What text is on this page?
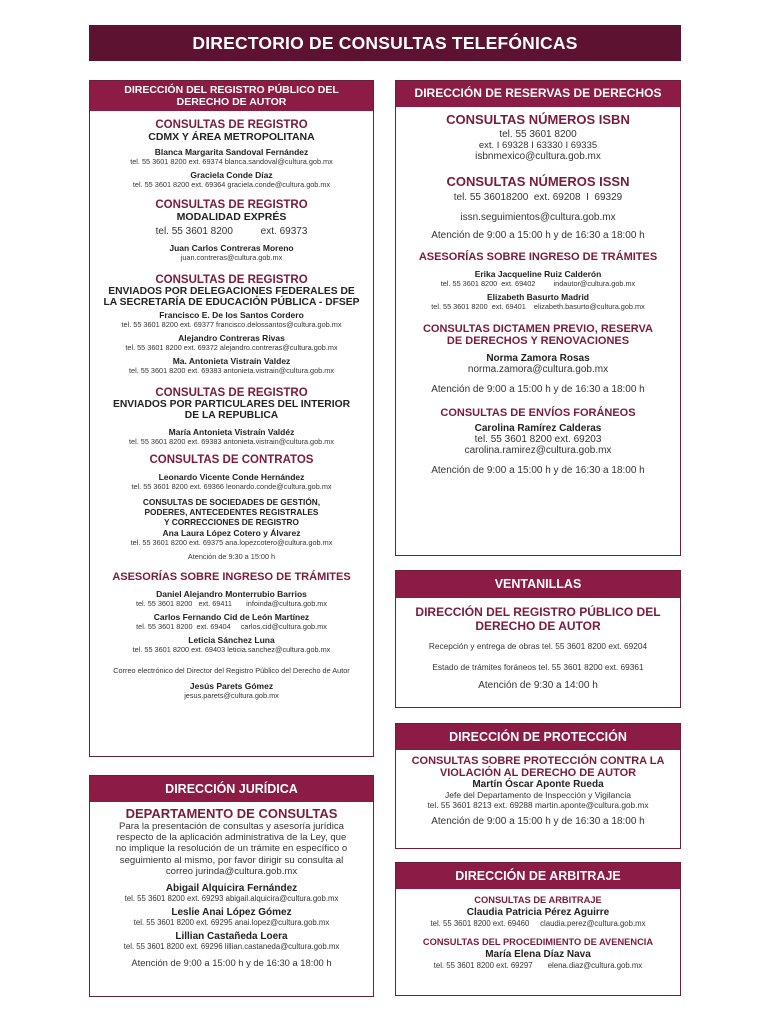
DIRECTORIO DE CONSULTAS TELEFÓNICAS
DIRECCIÓN DEL REGISTRO PÚBLICO DEL
DERECHO DE AUTOR
CONSULTAS DE REGISTRO
CDMX Y ÁREA METROPOLITANA
Blanca Margarita Sandoval Fernández
tel. 55 3601 8200 ext. 69374 blanca.sandoval@cultura.gob.mx
Graciela Conde Díaz
tel. 55 3601 8200 ext. 69364 graciela.conde@cultura.gob.mx
CONSULTAS DE REGISTRO
MODALIDAD EXPRÉS
tel. 55 3601 8200          ext. 69373
Juan Carlos Contreras Moreno
juan.contreras@cultura.gob.mx
CONSULTAS DE REGISTRO
ENVIADOS POR DELEGACIONES FEDERALES DE
LA SECRETARÍA DE EDUCACIÓN PÚBLICA - DFSEP
Francisco E. De los Santos Cordero
tel. 55 3601 8200 ext. 69377 francisco.delossantos@cultura.gob.mx
Alejandro Contreras Rivas
tel. 55 3601 8200 ext. 69372 alejandro.contreras@cultura.gob.mx
Ma. Antonieta Vistraín Valdez
tel. 55 3601 8200 ext. 69383 antonieta.vistrain@cultura.gob.mx
CONSULTAS DE REGISTRO
ENVIADOS POR PARTICULARES DEL INTERIOR
DE LA REPUBLICA
María Antonieta Vistraín Valdéz
tel. 55 3601 8200 ext. 69383 antonieta.vistrain@cultura.gob.mx
CONSULTAS DE CONTRATOS
Leonardo Vicente Conde Hernández
tel. 55 3601 8200 ext. 69366 leonardo.conde@cultura.gob.mx
CONSULTAS DE SOCIEDADES DE GESTIÓN,
PODERES, ANTECEDENTES REGISTRALES
Y CORRECCIONES DE REGISTRO
Ana Laura López Cotero y Álvarez
tel. 55 3601 8200 ext. 69375 ana.lopezcotero@cultura.gob.mx
Atención de 9:30 a 15:00 h
ASESORÍAS SOBRE INGRESO DE TRÁMITES
Daniel Alejandro Monterrubio Barrios
tel. 55 3601 8200   ext. 69411       infoinda@cultura.gob.mx
Carlos Fernando Cid de León Martínez
tel. 55 3601 8200  ext. 69404     carlos.cid@cultura.gob.mx
Leticia Sánchez Luna
tel. 55 3601 8200 ext. 69403 leticia.sanchez@cultura.gob.mx
Correo electrónico del Director del Registro Público del Derecho de Autor
Jesús Parets Gómez
jesus.parets@cultura.gob.mx
DIRECCIÓN JURÍDICA
DEPARTAMENTO DE CONSULTAS
Para la presentación de consultas y asesoría jurídica
respecto de la aplicación administrativa de la Ley, que
no implique la resolución de un trámite en específico o
seguimiento al mismo, por favor dirigir su consulta al
correo jurinda@cultura.gob.mx
Abigail Alquicira Fernández
tel. 55 3601 8200 ext. 69293 abigail.alquicira@cultura.gob.mx
Leslie Anai López Gómez
tel. 55 3601 8200 ext. 69295 anai.lopez@cultura.gob.mx
Lillian Castañeda Loera
tel. 55 3601 8200 ext. 69296 lillian.castaneda@cultura.gob.mx
Atención de 9:00 a 15:00 h y de 16:30 a 18:00 h
DIRECCIÓN DE RESERVAS DE DERECHOS
CONSULTAS NÚMEROS ISBN
tel. 55 3601 8200
ext. I 69328 I 63330 I 69335
isbnmexico@cultura.gob.mx
CONSULTAS NÚMEROS ISSN
tel. 55 36018200  ext. 69208  I  69329
issn.seguimientos@cultura.gob.mx
Atención de 9:00 a 15:00 h y de 16:30 a 18:00 h
ASESORÍAS SOBRE INGRESO DE TRÁMITES
Erika Jacqueline Ruiz Calderón
tel. 55 3601 8200  ext. 69402         indautor@cultura.gob.mx
Elizabeth Basurto Madrid
tel. 55 3601 8200  ext. 69401    elizabeth.basurto@cultura.gob.mx
CONSULTAS DICTAMEN PREVIO, RESERVA
DE DERECHOS Y RENOVACIONES
Norma Zamora Rosas
norma.zamora@cultura.gob.mx
Atención de 9:00 a 15:00 h y de 16:30 a 18:00 h
CONSULTAS DE ENVÍOS FORÁNEOS
Carolina Ramírez Calderas
tel. 55 3601 8200 ext. 69203
carolina.ramirez@cultura.gob.mx
Atención de 9:00 a 15:00 h y de 16:30 a 18:00 h
VENTANILLAS
DIRECCIÓN DEL REGISTRO PÚBLICO DEL
DERECHO DE AUTOR
Recepción y entrega de obras tel. 55 3601 8200 ext. 69204
Estado de trámites foráneos tel. 55 3601 8200 ext. 69361
Atención de 9:30 a 14:00 h
DIRECCIÓN DE PROTECCIÓN
CONSULTAS SOBRE PROTECCIÓN CONTRA LA
VIOLACIÓN AL DERECHO DE AUTOR
Martín Óscar Aponte Rueda
Jefe del Departamento de Inspección y Vigilancia
tel. 55 3601 8213 ext. 69288 martin.aponte@cultura.gob.mx
Atención de 9:00 a 15:00 h y de 16:30 a 18:00 h
DIRECCIÓN DE ARBITRAJE
CONSULTAS DE ARBITRAJE
Claudia Patricia Pérez Aguirre
tel. 55 3601 8200 ext. 69460     claudia.perez@cultura.gob.mx
CONSULTAS DEL PROCEDIMIENTO DE AVENENCIA
María Elena Díaz Nava
tel. 55 3601 8200 ext. 69297       elena.diaz@cultura.gob.mx
